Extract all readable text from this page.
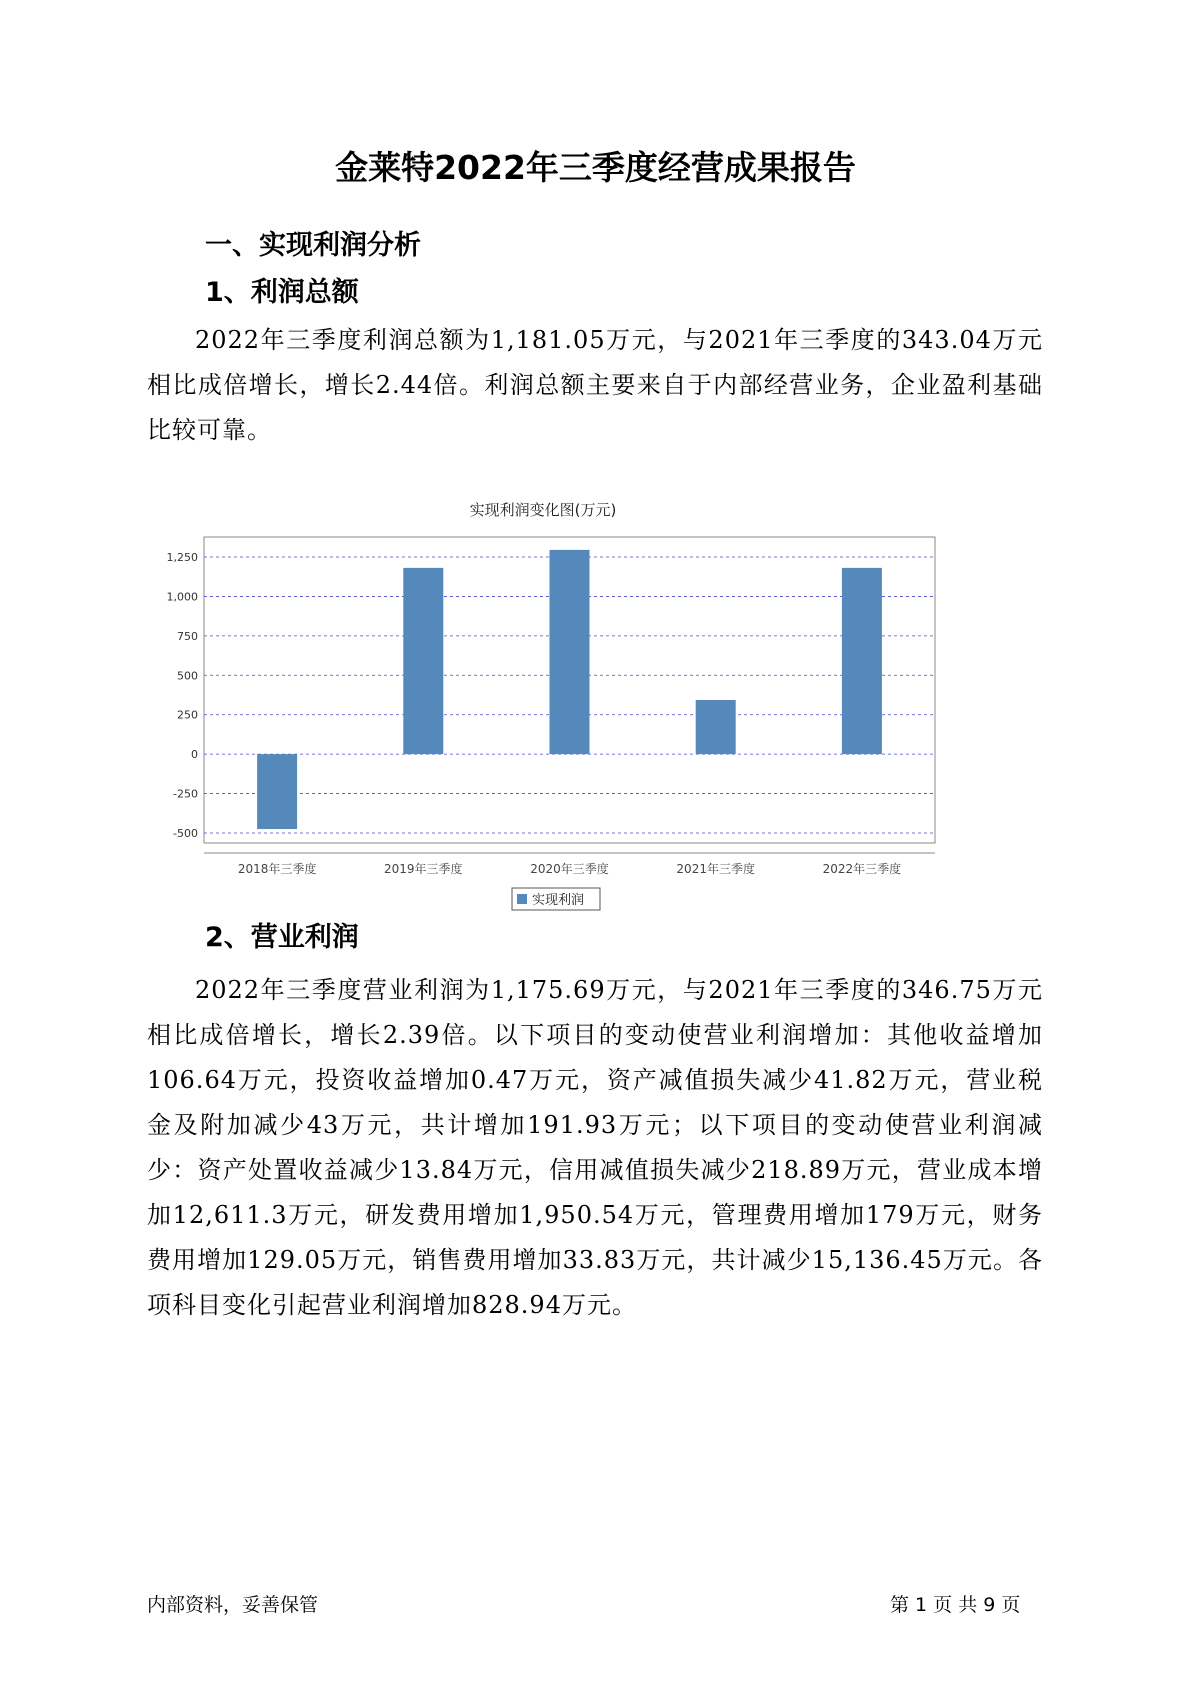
金莱特2022年三季度经营成果报告
一、实现利润分析
1、利润总额
2022年三季度利润总额为1,181.05万元，与2021年三季度的343.04万元相比成倍增长，增长2.44倍。利润总额主要来自于内部经营业务，企业盈利基础比较可靠。
实现利润变化图(万元)
1,250
1,000
750
500
250
0
-250
-500
2018年三季度	2019年三季度	2020年三季度	2021年三季度	2022年三季度
实现利润
2、营业利润
2022年三季度营业利润为1,175.69万元，与2021年三季度的346.75万元相比成倍增长，增长2.39倍。以下项目的变动使营业利润增加：其他收益增加106.64万元，投资收益增加0.47万元，资产减值损失减少41.82万元，营业税金及附加减少43万元，共计增加191.93万元；以下项目的变动使营业利润减少：资产处置收益减少13.84万元，信用减值损失减少218.89万元，营业成本增加12,611.3万元，研发费用增加1,950.54万元，管理费用增加179万元，财务费用增加129.05万元，销售费用增加33.83万元，共计减少15,136.45万元。各项科目变化引起营业利润增加828.94万元。
内部资料，妥善保管	第 1 页 共 9 页
